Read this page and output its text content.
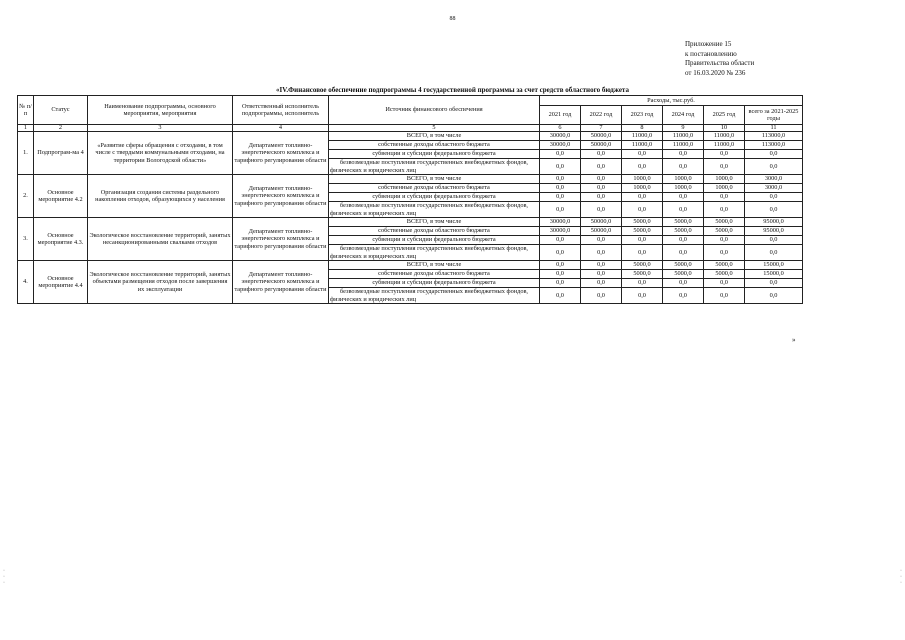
88
Приложение 15
к постановлению
Правительства области
от 16.03.2020 № 236
«IV.Финансовое обеспечение подпрограммы 4 государственной программы за счет средств областного бюджета
№ п/п	Статус	Наименование подпрограммы, основного мероприятия, мероприятия	Ответственный исполнитель подпрограммы, исполнитель	Источник финансового обеспечения	Расходы, тыс.руб.					
					2021 год	2022 год	2023 год	2024 год	2025 год	всего за 2021-2025 годы
1	2	3	4	5	6	7	8	9	10	11
1.	Подпрограм-ма 4	«Развитие сферы обращения с отходами, в том числе с твердыми коммунальными отходами, на территории Вологодской области»	Департамент топливно-энергетического комплекса и тарифного регулирования области	ВСЕГО, в том числе	30000,0	50000,0	11000,0	11000,0	11000,0	113000,0
				собственные доходы областного бюджета	30000,0	50000,0	11000,0	11000,0	11000,0	113000,0
				субвенции и субсидии федерального бюджета	0,0	0,0	0,0	0,0	0,0	0,0
				безвозмездные поступления государственных внебюджетных фондов, физических и юридических лиц	0,0	0,0	0,0	0,0	0,0	0,0
2.	Основное мероприятие 4.2	Организация создания системы раздельного накопления отходов, образующихся у населения	Департамент топливно-энергетического комплекса и тарифного регулирования области	ВСЕГО, в том числе	0,0	0,0	1000,0	1000,0	1000,0	3000,0
				собственные доходы областного бюджета	0,0	0,0	1000,0	1000,0	1000,0	3000,0
				субвенции и субсидии федерального бюджета	0,0	0,0	0,0	0,0	0,0	0,0
				безвозмездные поступления государственных внебюджетных фондов, физических и юридических лиц	0,0	0,0	0,0	0,0	0,0	0,0
3.	Основное мероприятие 4.3.	Экологическое восстановление территорий, занятых несанкционированными свалками отходов	Департамент топливно-энергетического комплекса и тарифного регулирования области	ВСЕГО, в том числе	30000,0	50000,0	5000,0	5000,0	5000,0	95000,0
				собственные доходы областного бюджета	30000,0	50000,0	5000,0	5000,0	5000,0	95000,0
				субвенции и субсидии федерального бюджета	0,0	0,0	0,0	0,0	0,0	0,0
				безвозмездные поступления государственных внебюджетных фондов, физических и юридических лиц	0,0	0,0	0,0	0,0	0,0	0,0
4.	Основное мероприятие 4.4	Экологическое восстановление территорий, занятых объектами размещения отходов после завершения их эксплуатации	Департамент топливно-энергетического комплекса и тарифного регулирования области	ВСЕГО, в том числе	0,0	0,0	5000,0	5000,0	5000,0	15000,0
				собственные доходы областного бюджета	0,0	0,0	5000,0	5000,0	5000,0	15000,0
				субвенции и субсидии федерального бюджета	0,0	0,0	0,0	0,0	0,0	0,0
				безвозмездные поступления государственных внебюджетных фондов, физических и юридических лиц	0,0	0,0	0,0	0,0	0,0	0,0
»
·
·
·
·
·
·
